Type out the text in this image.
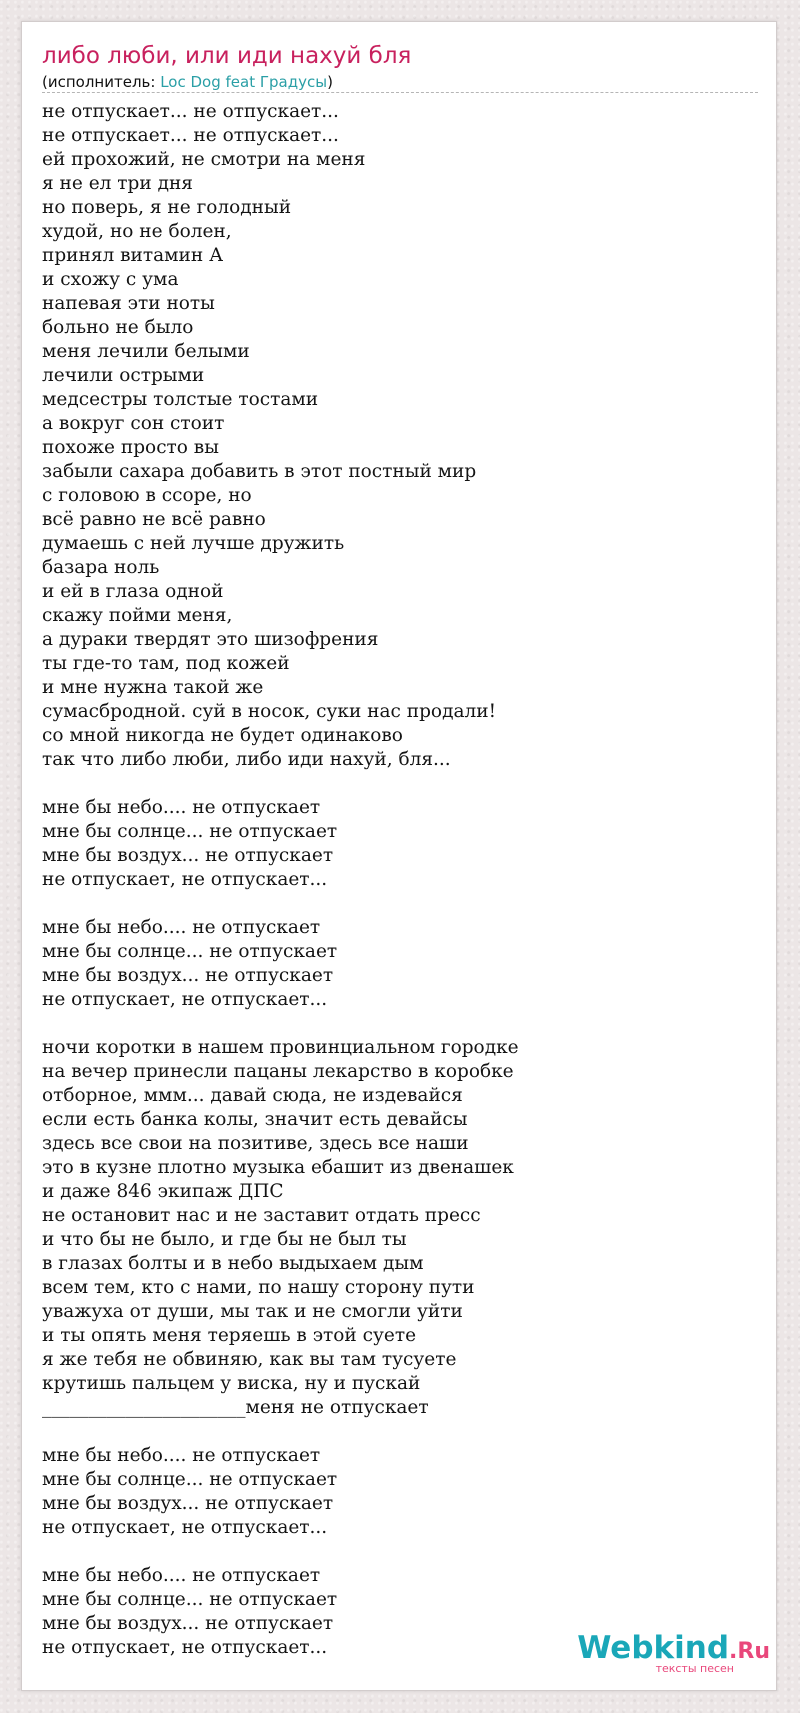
либо люби, или иди нахуй бля
(исполнитель: Loc Dog feat Градусы)
не отпускает... не отпускает...
не отпускает... не отпускает...
ей прохожий, не смотри на меня
я не ел три дня
но поверь, я не голодный
худой, но не болен,
принял витамин А
и схожу с ума
напевая эти ноты
больно не было
меня лечили белыми
лечили острыми
медсестры толстые тостами
а вокруг сон стоит
похоже просто вы
забыли сахара добавить в этот постный мир
с головою в ссоре, но
всё равно не всё равно
думаешь с ней лучше дружить
базара ноль
и ей в глаза одной
скажу пойми меня,
а дураки твердят это шизофрения
ты где-то там, под кожей
и мне нужна такой же
сумасбродной. суй в носок, суки нас продали!
со мной никогда не будет одинаково
так что либо люби, либо иди нахуй, бля...

мне бы небо.... не отпускает
мне бы солнце... не отпускает
мне бы воздух... не отпускает
не отпускает, не отпускает...

мне бы небо.... не отпускает
мне бы солнце... не отпускает
мне бы воздух... не отпускает
не отпускает, не отпускает...

ночи коротки в нашем провинциальном городке
на вечер принесли пацаны лекарство в коробке
отборное, ммм... давай сюда, не издевайся
если есть банка колы, значит есть девайсы
здесь все свои на позитиве, здесь все наши
это в кузне плотно музыка ебашит из двенашек
и даже 846 экипаж ДПС
не остановит нас и не заставит отдать пресс
и что бы не было, и где бы не был ты
в глазах болты и в небо выдыхаем дым
всем тем, кто с нами, по нашу сторону пути
уважуха от души, мы так и не смогли уйти
и ты опять меня теряешь в этой суете
я же тебя не обвиняю, как вы там тусуете
крутишь пальцем у виска, ну и пускай
______________________меня не отпускает

мне бы небо.... не отпускает
мне бы солнце... не отпускает
мне бы воздух... не отпускает
не отпускает, не отпускает...

мне бы небо.... не отпускает
мне бы солнце... не отпускает
мне бы воздух... не отпускает
не отпускает, не отпускает...	Webkind.Ru
тексты песен
